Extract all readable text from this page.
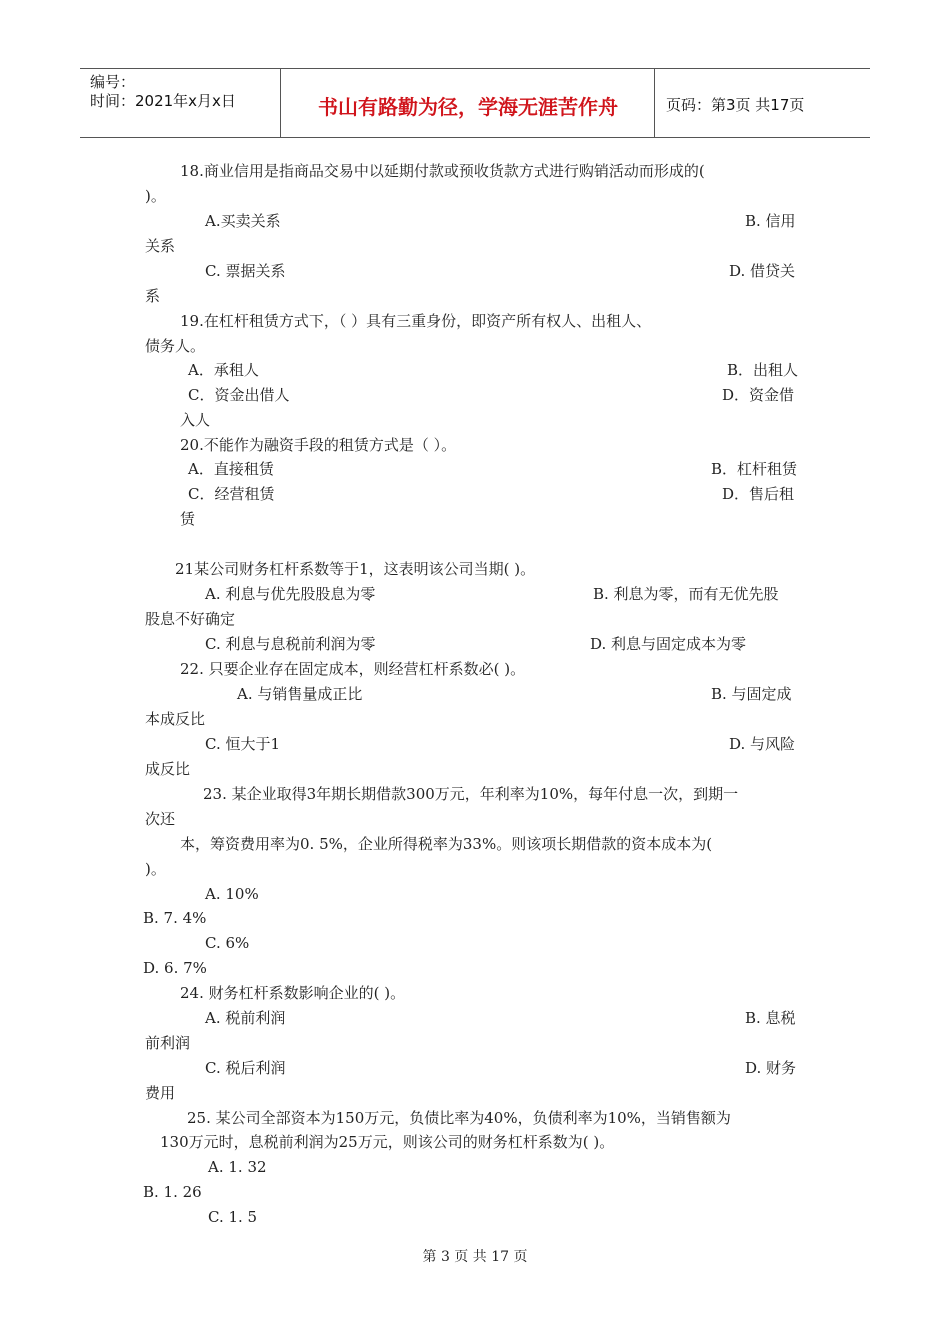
编号：
时间：2021年x月x日	书山有路勤为径，学海无涯苦作舟	页码：第3页 共17页
18.商业信用是指商品交易中以延期付款或预收货款方式进行购销活动而形成的(
)。
A.买卖关系	B. 信用
关系
C. 票据关系	D. 借贷关
系
19.在杠杆租赁方式下，（ ）具有三重身份，即资产所有权人、出租人、
债务人。
A．承租人	B．出租人
C．资金出借人	D．资金借
入人
20.不能作为融资手段的租赁方式是（ ）。
A．直接租赁	B．杠杆租赁
C．经营租赁	D．售后租
赁
21某公司财务杠杆系数等于1，这表明该公司当期( )。
A. 利息与优先股股息为零	B. 利息为零，而有无优先股
股息不好确定
C. 利息与息税前利润为零	D. 利息与固定成本为零
22. 只要企业存在固定成本，则经营杠杆系数必( )。
A. 与销售量成正比	B. 与固定成
本成反比
C. 恒大于1	D. 与风险
成反比
23. 某企业取得3年期长期借款300万元，年利率为10%，每年付息一次，到期一
次还
本，筹资费用率为0. 5%，企业所得税率为33%。则该项长期借款的资本成本为(
)。
A. 10%
B. 7. 4%
C. 6%
D. 6. 7%
24. 财务杠杆系数影响企业的( )。
A. 税前利润	B. 息税
前利润
C. 税后利润	D. 财务
费用
25. 某公司全部资本为150万元，负债比率为40%，负债利率为10%，当销售额为
130万元时，息税前利润为25万元，则该公司的财务杠杆系数为( )。
A. 1. 32
B. 1. 26
C. 1. 5
第 3 页 共 17 页
